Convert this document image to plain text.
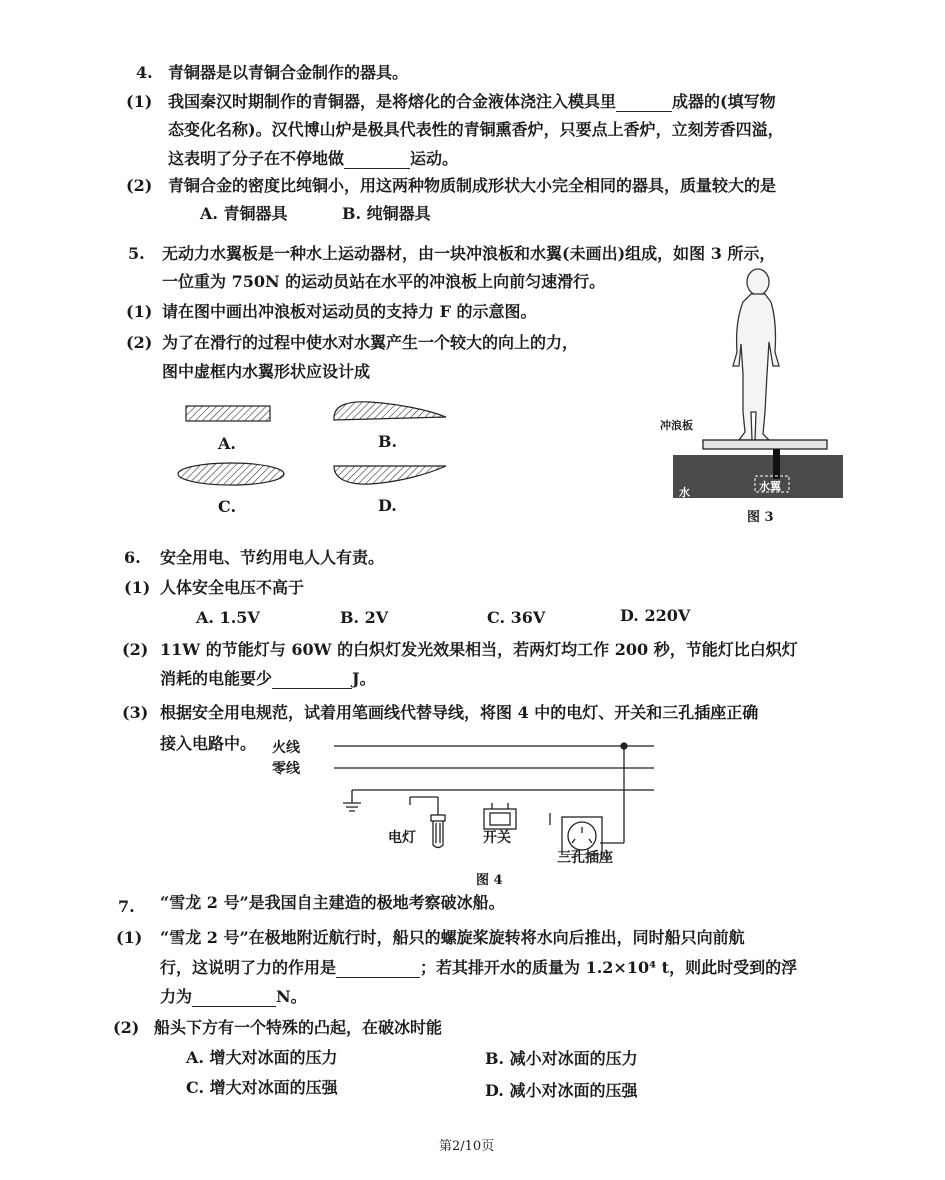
4. 青铜器是以青铜合金制作的器具。
(1) 我国秦汉时期制作的青铜器，是将熔化的合金液体浇注入模具里	成器的(填写物
态变化名称)。汉代博山炉是极具代表性的青铜熏香炉，只要点上香炉，立刻芳香四溢，
这表明了分子在不停地做	运动。
(2) 青铜合金的密度比纯铜小，用这两种物质制成形状大小完全相同的器具，质量较大的是
A. 青铜器具	B. 纯铜器具
5. 无动力水翼板是一种水上运动器材，由一块冲浪板和水翼(未画出)组成，如图 3 所示，
一位重为 750N 的运动员站在水平的冲浪板上向前匀速滑行。
(1) 请在图中画出冲浪板对运动员的支持力 F 的示意图。
(2) 为了在滑行的过程中使水对水翼产生一个较大的向上的力，
图中虚框内水翼形状应设计成
A.	B.
C.	D.
冲浪板
水	水翼
图 3
6. 安全用电、节约用电人人有责。
(1) 人体安全电压不高于
A. 1.5V	B. 2V	C. 36V	D. 220V
(2) 11W 的节能灯与 60W 的白炽灯发光效果相当，若两灯均工作 200 秒，节能灯比白炽灯
消耗的电能要少	J。
(3) 根据安全用电规范，试着用笔画线代替导线，将图 4 中的电灯、开关和三孔插座正确
接入电路中。 火线
零线
电灯	开关
三孔插座
图 4
7. “雪龙 2 号”是我国自主建造的极地考察破冰船。
(1) “雪龙 2 号”在极地附近航行时，船只的螺旋桨旋转将水向后推出，同时船只向前航
行，这说明了力的作用是	；若其排开水的质量为 1.2×10⁴ t，则此时受到的浮
力为	N。
(2) 船头下方有一个特殊的凸起，在破冰时能
A. 增大对冰面的压力	B. 减小对冰面的压力
C. 增大对冰面的压强	D. 减小对冰面的压强
第2/10页
